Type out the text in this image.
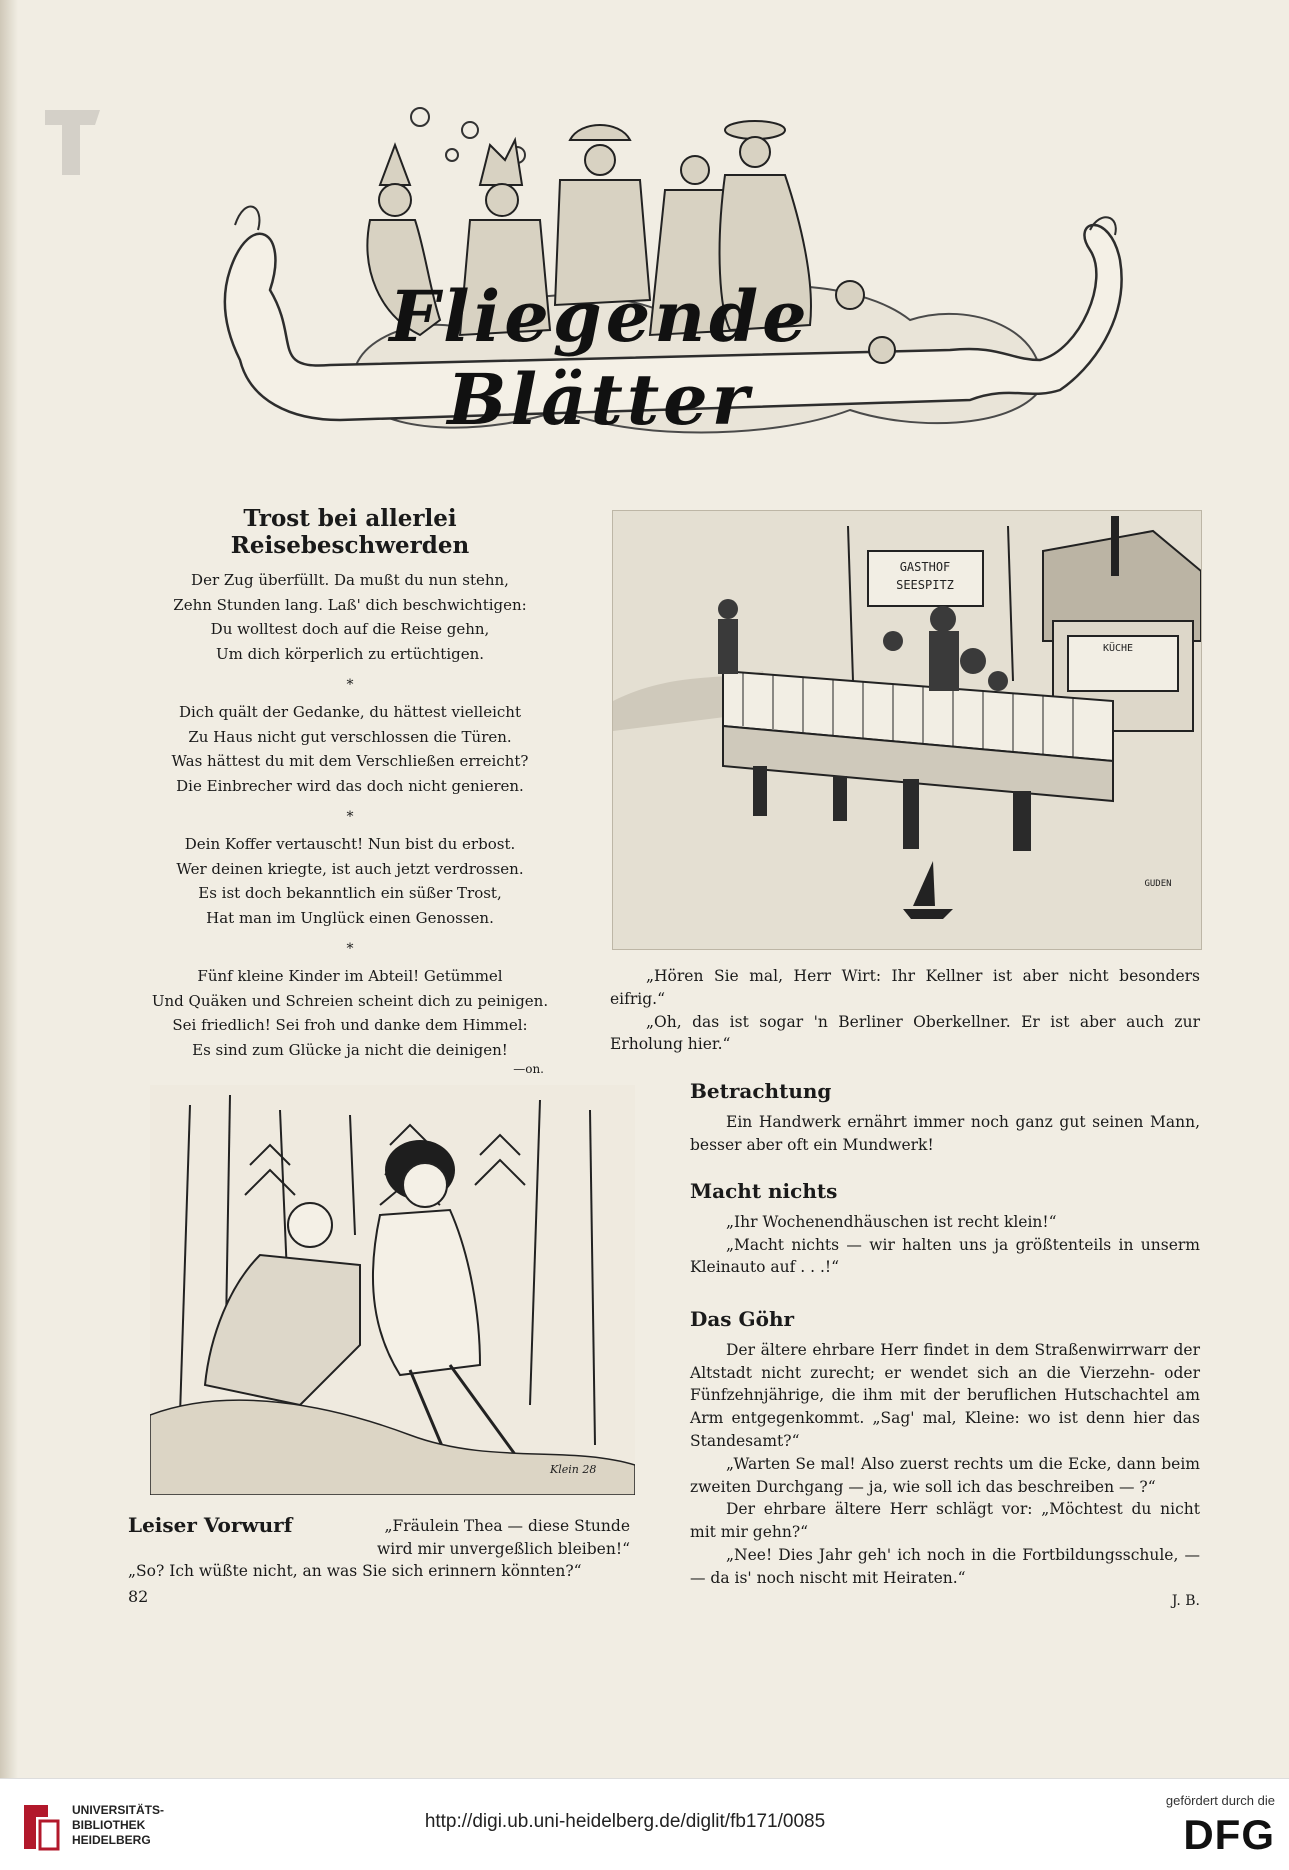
Fliegende Blätter
Trost bei allerlei Reisebeschwerden
Der Zug überfüllt. Da mußt du nun stehn,
Zehn Stunden lang. Laß' dich beschwichtigen:
Du wolltest doch auf die Reise gehn,
Um dich körperlich zu ertüchtigen.
*
Dich quält der Gedanke, du hättest vielleicht
Zu Haus nicht gut verschlossen die Türen.
Was hättest du mit dem Verschließen erreicht?
Die Einbrecher wird das doch nicht genieren.
*
Dein Koffer vertauscht! Nun bist du erbost.
Wer deinen kriegte, ist auch jetzt verdrossen.
Es ist doch bekanntlich ein süßer Trost,
Hat man im Unglück einen Genossen.
*
Fünf kleine Kinder im Abteil! Getümmel
Und Quäken und Schreien scheint dich zu peinigen.
Sei friedlich! Sei froh und danke dem Himmel:
Es sind zum Glücke ja nicht die deinigen!
—on.
GASTHOF
SEESPITZ
KÜCHE
GUDEN

„Hören Sie mal, Herr Wirt: Ihr Kellner ist aber nicht besonders eifrig.“

„Oh, das ist sogar 'n Berliner Oberkellner. Er ist aber auch zur Erholung hier.“

Betrachtung

Ein Handwerk ernährt immer noch ganz gut seinen Mann, besser aber oft ein Mundwerk!

Macht nichts

„Ihr Wochenendhäuschen ist recht klein!“

„Macht nichts — wir halten uns ja größtenteils in unserm Kleinauto auf . . .!“

Das Göhr

Der ältere ehrbare Herr findet in dem Straßenwirrwarr der Altstadt nicht zurecht; er wendet sich an die Vierzehn- oder Fünfzehnjährige, die ihm mit der beruflichen Hutschachtel am Arm entgegenkommt. „Sag' mal, Kleine: wo ist denn hier das Standesamt?“

„Warten Se mal! Also zuerst rechts um die Ecke, dann beim zweiten Durchgang — ja, wie soll ich das beschreiben — ?“

Der ehrbare ältere Herr schlägt vor: „Möchtest du nicht mit mir gehn?“

„Nee! Dies Jahr geh' ich noch in die Fortbildungsschule, — — da is' noch nischt mit Heiraten.“

J. B.
Klein 28
Leiser Vorwurf	„Fräulein Thea — diese Stunde wird mir unvergeßlich bleiben!“
„So? Ich wüßte nicht, an was Sie sich erinnern könnten?“
82
UNIVERSITÄTS-
BIBLIOTHEK
HEIDELBERG
http://digi.ub.uni-heidelberg.de/diglit/fb171/0085
gefördert durch die
DFG
